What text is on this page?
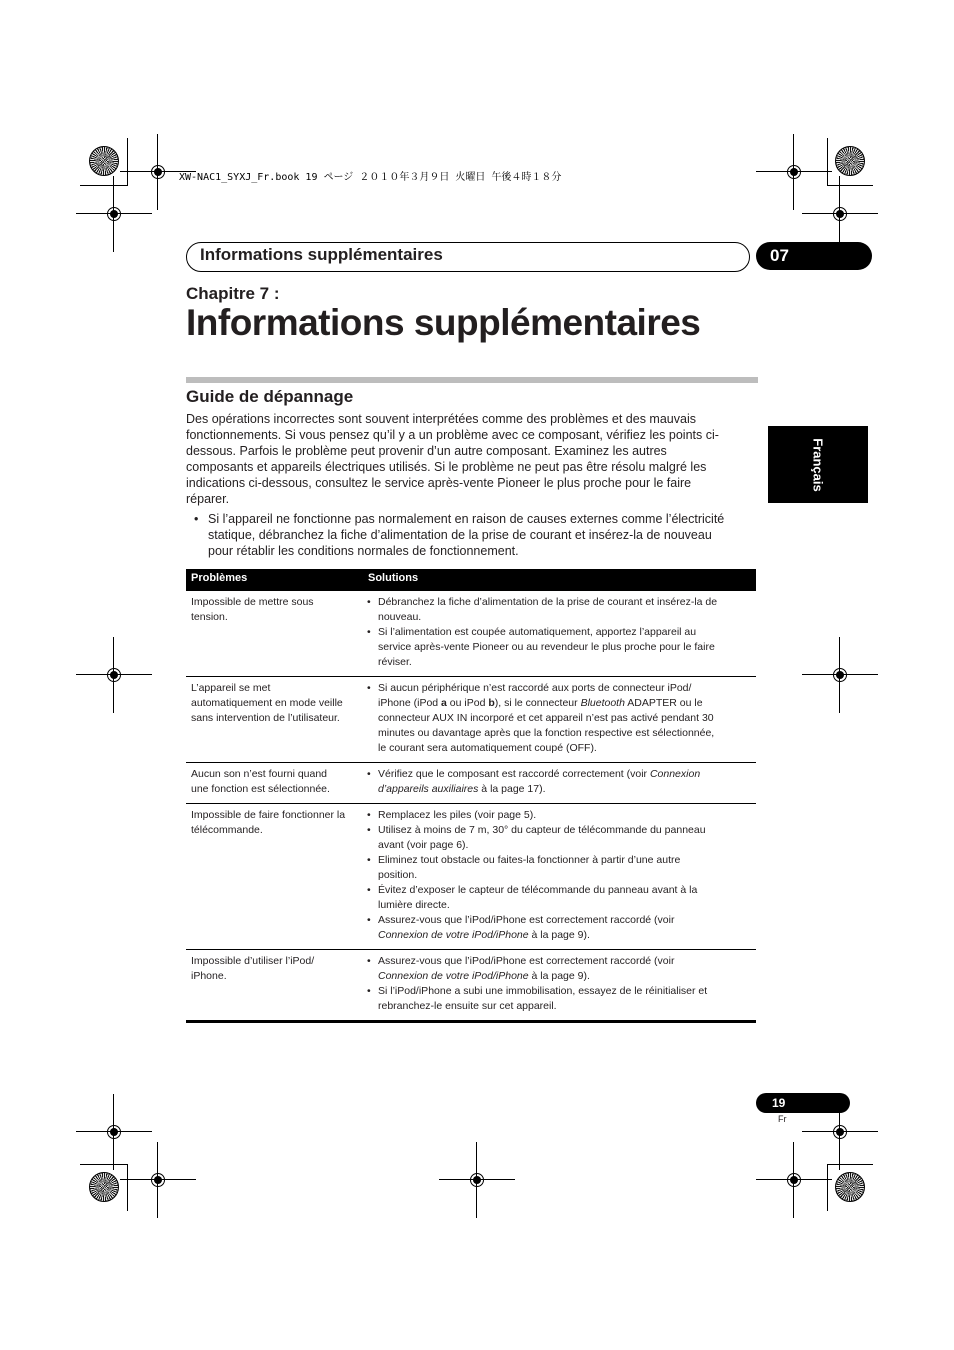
XW-NAC1_SYXJ_Fr.book 19 ページ ２０１０年３月９日 火曜日 午後４時１８分
Informations supplémentaires	07
Chapitre 7 :
Informations supplémentaires
Guide de dépannage
Des opérations incorrectes sont souvent interprétées comme des problèmes et des mauvais
fonctionnements. Si vous pensez qu’il y a un problème avec ce composant, vérifiez les points ci-
dessous. Parfois le problème peut provenir d’un autre composant. Examinez les autres
composants et appareils électriques utilisés. Si le problème ne peut pas être résolu malgré les
indications ci-dessous, consultez le service après-vente Pioneer le plus proche pour le faire
réparer.
• Si l’appareil ne fonctionne pas normalement en raison de causes externes comme l’électricité
statique, débranchez la fiche d’alimentation de la prise de courant et insérez-la de nouveau
pour rétablir les conditions normales de fonctionnement.
Français
Problèmes	Solutions
Impossible de mettre sous
tension.
• Débranchez la fiche d’alimentation de la prise de courant et insérez-la de
nouveau.
• Si l’alimentation est coupée automatiquement, apportez l’appareil au
service après-vente Pioneer ou au revendeur le plus proche pour le faire
réviser.
L’appareil se met
automatiquement en mode veille
sans intervention de l’utilisateur.
• Si aucun périphérique n’est raccordé aux ports de connecteur iPod/
iPhone (iPod a ou iPod b), si le connecteur Bluetooth ADAPTER ou le
connecteur AUX IN incorporé et cet appareil n’est pas activé pendant 30
minutes ou davantage après que la fonction respective est sélectionnée,
le courant sera automatiquement coupé (OFF).
Aucun son n’est fourni quand
une fonction est sélectionnée.
• Vérifiez que le composant est raccordé correctement (voir Connexion
d’appareils auxiliaires à la page 17).
Impossible de faire fonctionner la
télécommande.
• Remplacez les piles (voir page 5).
• Utilisez à moins de 7 m, 30° du capteur de télécommande du panneau
avant (voir page 6).
• Eliminez tout obstacle ou faites-la fonctionner à partir d’une autre
position.
• Évitez d’exposer le capteur de télécommande du panneau avant à la
lumière directe.
• Assurez-vous que l’iPod/iPhone est correctement raccordé (voir
Connexion de votre iPod/iPhone à la page 9).
Impossible d’utiliser l’iPod/
iPhone.
• Assurez-vous que l’iPod/iPhone est correctement raccordé (voir
Connexion de votre iPod/iPhone à la page 9).
• Si l’iPod/iPhone a subi une immobilisation, essayez de le réinitialiser et
rebranchez-le ensuite sur cet appareil.
19
Fr
